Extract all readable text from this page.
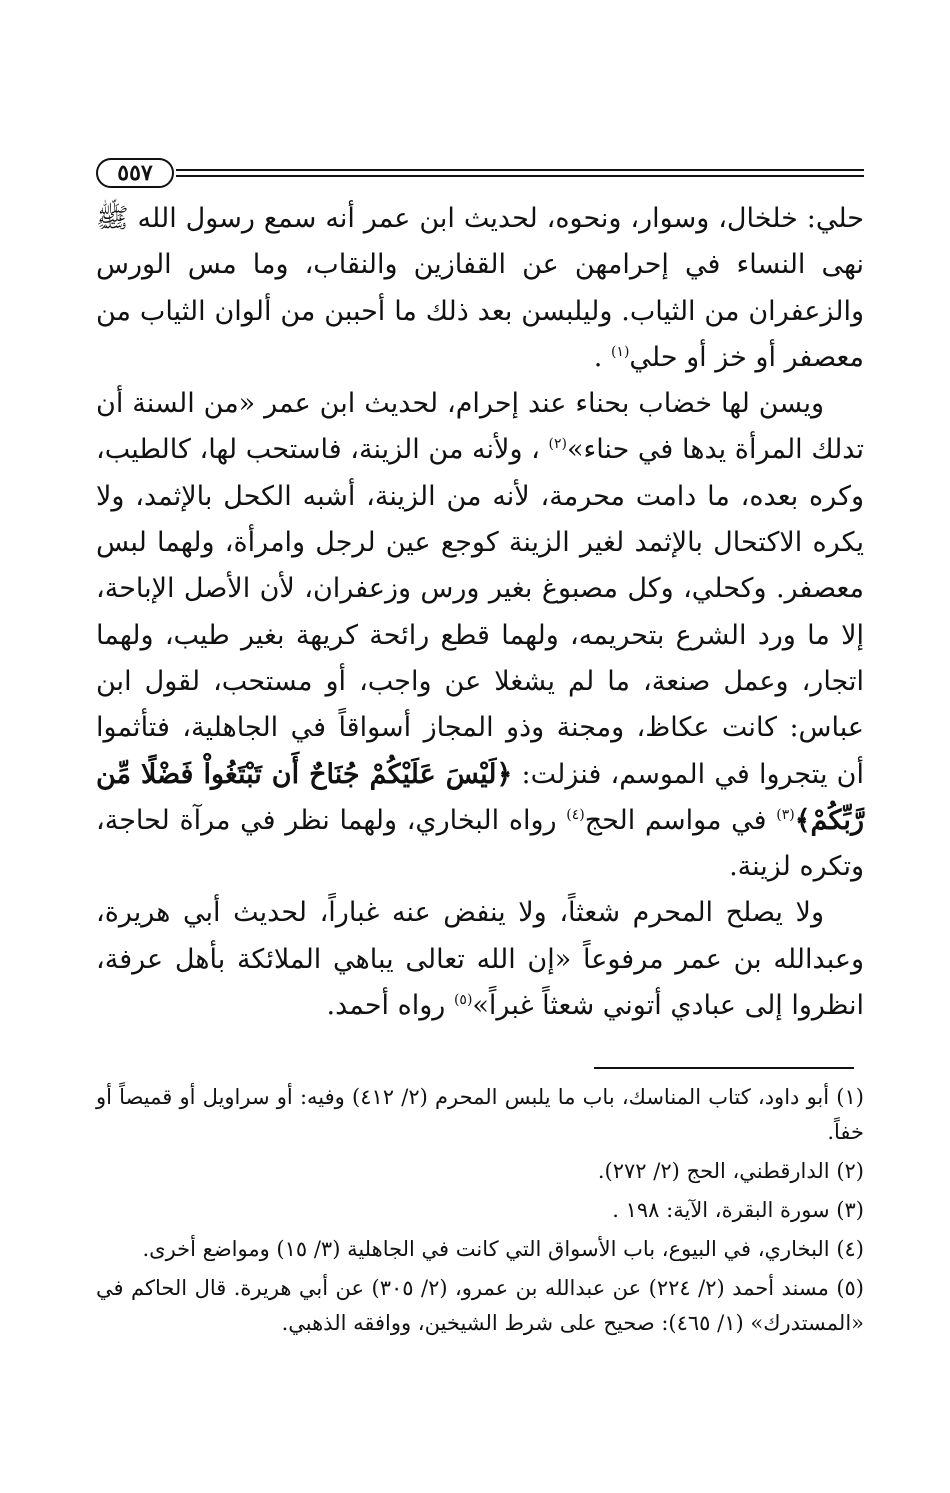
٥٥٧

حلي: خلخال، وسوار، ونحوه، لحديث ابن عمر أنه سمع رسول الله ﷺ نهى النساء في إحرامهن عن القفازين والنقاب، وما مس الورس والزعفران من الثياب. وليلبسن بعد ذلك ما أحببن من ألوان الثياب من معصفر أو خز أو حلي$^{(١)}$ .

ويسن لها خضاب بحناء عند إحرام، لحديث ابن عمر «من السنة أن تدلك المرأة يدها في حناء»$^{(٢)}$ ، ولأنه من الزينة، فاستحب لها، كالطيب، وكره بعده، ما دامت محرمة، لأنه من الزينة، أشبه الكحل بالإثمد، ولا يكره الاكتحال بالإثمد لغير الزينة كوجع عين لرجل وامرأة، ولهما لبس معصفر. وكحلي، وكل مصبوغ بغير ورس وزعفران، لأن الأصل الإباحة، إلا ما ورد الشرع بتحريمه، ولهما قطع رائحة كريهة بغير طيب، ولهما اتجار، وعمل صنعة، ما لم يشغلا عن واجب، أو مستحب، لقول ابن عباس: كانت عكاظ، ومجنة وذو المجاز أسواقاً في الجاهلية، فتأثموا أن يتجروا في الموسم، فنزلت: ﴿لَيْسَ عَلَيْكُمْ جُنَاحٌ أَن تَبْتَغُواْ فَضْلًا مِّن رَّبِّكُمْ﴾$^{(٣)}$ في مواسم الحج$^{(٤)}$ رواه البخاري، ولهما نظر في مرآة لحاجة، وتكره لزينة.

ولا يصلح المحرم شعثاً، ولا ينفض عنه غباراً، لحديث أبي هريرة، وعبدالله بن عمر مرفوعاً «إن الله تعالى يباهي الملائكة بأهل عرفة، انظروا إلى عبادي أتوني شعثاً غبراً»$^{(٥)}$ رواه أحمد.

(١) أبو داود، كتاب المناسك، باب ما يلبس المحرم (٢/ ٤١٢) وفيه: أو سراويل أو قميصاً أو خفاً.

(٢) الدارقطني، الحج (٢/ ٢٧٢).

(٣) سورة البقرة، الآية: ١٩٨ .

(٤) البخاري، في البيوع، باب الأسواق التي كانت في الجاهلية (٣/ ١٥) ومواضع أخرى.

(٥) مسند أحمد (٢/ ٢٢٤) عن عبدالله بن عمرو، (٢/ ٣٠٥) عن أبي هريرة. قال الحاكم في «المستدرك» (١/ ٤٦٥): صحيح على شرط الشيخين، ووافقه الذهبي.
